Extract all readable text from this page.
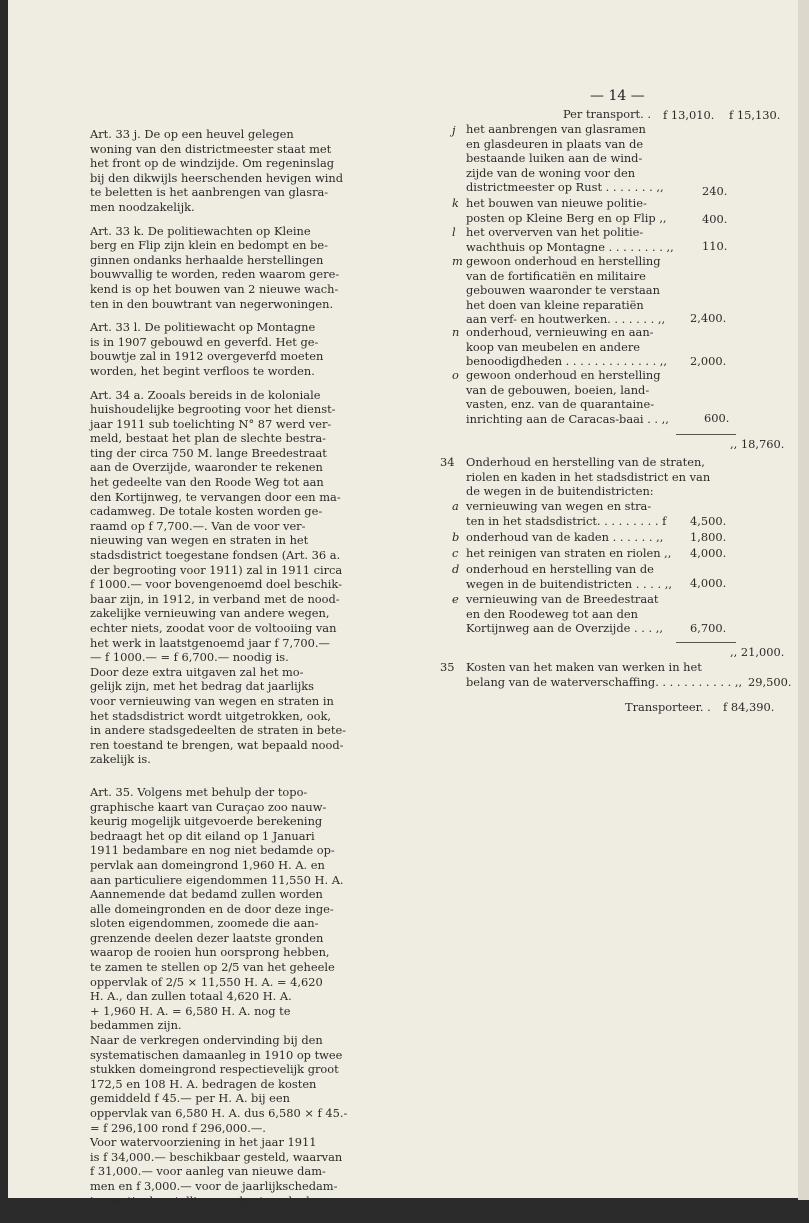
— 14 —

Art. 33 j. De op een heuvel gelegen

woning van den districtmeester staat met

het front op de windzijde. Om regeninslag

bij den dikwijls heerschenden hevigen wind

te beletten is het aanbrengen van glasra-

men noodzakelijk.

Art. 33 k. De politiewachten op Kleine

berg en Flip zijn klein en bedompt en be-

ginnen ondanks herhaalde herstellingen

bouwvallig te worden, reden waarom gere-

kend is op het bouwen van 2 nieuwe wach-

ten in den bouwtrant van negerwoningen.

Art. 33 l. De politiewacht op Montagne

is in 1907 gebouwd en geverfd. Het ge-

bouwtje zal in 1912 overgeverfd moeten

worden, het begint verfloos te worden.

Art. 34 a. Zooals bereids in de koloniale

huishoudelijke begrooting voor het dienst-

jaar 1911 sub toelichting N° 87 werd ver-

meld, bestaat het plan de slechte bestra-

ting der circa 750 M. lange Breedestraat

aan de Overzijde, waaronder te rekenen

het gedeelte van den Roode Weg tot aan

den Kortijnweg, te vervangen door een ma-

cadamweg. De totale kosten worden ge-

raamd op f 7,700.—. Van de voor ver-

nieuwing van wegen en straten in het

stadsdistrict toegestane fondsen (Art. 36 a.

der begrooting voor 1911) zal in 1911 circa

f 1000.— voor bovengenoemd doel beschik-

baar zijn, in 1912, in verband met de nood-

zakelijke vernieuwing van andere wegen,

echter niets, zoodat voor de voltooiing van

het werk in laatstgenoemd jaar f 7,700.—

— f 1000.— = f 6,700.— noodig is.

Door deze extra uitgaven zal het mo-

gelijk zijn, met het bedrag dat jaarlijks

voor vernieuwing van wegen en straten in

het stadsdistrict wordt uitgetrokken, ook,

in andere stadsgedeelten de straten in bete-

ren toestand te brengen, wat bepaald nood-

zakelijk is.

Art. 35. Volgens met behulp der topo-

graphische kaart van Curaçao zoo nauw-

keurig mogelijk uitgevoerde berekening

bedraagt het op dit eiland op 1 Januari

1911 bedambare en nog niet bedamde op-

pervlak aan domeingrond 1,960 H. A. en

aan particuliere eigendommen 11,550 H. A.

Aannemende dat bedamd zullen worden

alle domeingronden en de door deze inge-

sloten eigendommen, zoomede die aan-

grenzende deelen dezer laatste gronden

waarop de rooien hun oorsprong hebben,

te zamen te stellen op 2/5 van het geheele

oppervlak of 2/5 × 11,550 H. A. = 4,620

H. A., dan zullen totaal 4,620 H. A.

+ 1,960 H. A. = 6,580 H. A. nog te

bedammen zijn.

Naar de verkregen ondervinding bij den

systematischen damaanleg in 1910 op twee

stukken domeingrond respectievelijk groot

172,5 en 108 H. A. bedragen de kosten

gemiddeld f 45.— per H. A. bij een

oppervlak van 6,580 H. A. dus 6,580 × f 45.-

= f 296,100 rond f 296,000.—.

Voor watervoorziening in het jaar 1911

is f 34,000.— beschikbaar gesteld, waarvan

f 31,000.— voor aanleg van nieuwe dam-

men en f 3,000.— voor de jaarlijkschedam-

inspectie, herstelling van bestaande dam-

men en putten enz. is bestemd.

Per transport. . f 13,010. f 15,130.
j het aanbrengen van glasramen
en glasdeuren in plaats van de
bestaande luiken aan de wind-
zijde van de woning voor den
districtmeester op Rust . . . . . . . ,,	240.
k het bouwen van nieuwe politie-
posten op Kleine Berg en op Flip ,,	400.
l het oververven van het politie-
wachthuis op Montagne . . . . . . . . ,, 110.
m gewoon onderhoud en herstelling
van de fortificatiën en militaire
gebouwen waaronder te verstaan
het doen van kleine reparatiën
aan verf- en houtwerken. . . . . . . ,, 2,400.
n onderhoud, vernieuwing en aan-
koop van meubelen en andere
benoodigdheden . . . . . . . . . . . . . ,, 2,000.
o gewoon onderhoud en herstelling
van de gebouwen, boeien, land-
vasten, enz. van de quarantaine-
inrichting aan de Caracas-baai . . ,,	600.
,, 18,760.
34 Onderhoud en herstelling van de straten,
riolen en kaden in het stadsdistrict en van
de wegen in de buitendistricten:
a vernieuwing van wegen en stra-
ten in het stadsdistrict. . . . . . . . . f 4,500.
b onderhoud van de kaden . . . . . . ,, 1,800.
c het reinigen van straten en riolen ,, 4,000.
d onderhoud en herstelling van de
wegen in de buitendistricten . . . . ,, 4,000.
e vernieuwing van de Breedestraat
en den Roodeweg tot aan den
Kortijnweg aan de Overzijde . . . ,, 6,700.
,, 21,000.
35 Kosten van het maken van werken in het
belang van de waterverschaffing. . . . . . . . . . . ,, 29,500.
Transporteer. . f 84,390.
